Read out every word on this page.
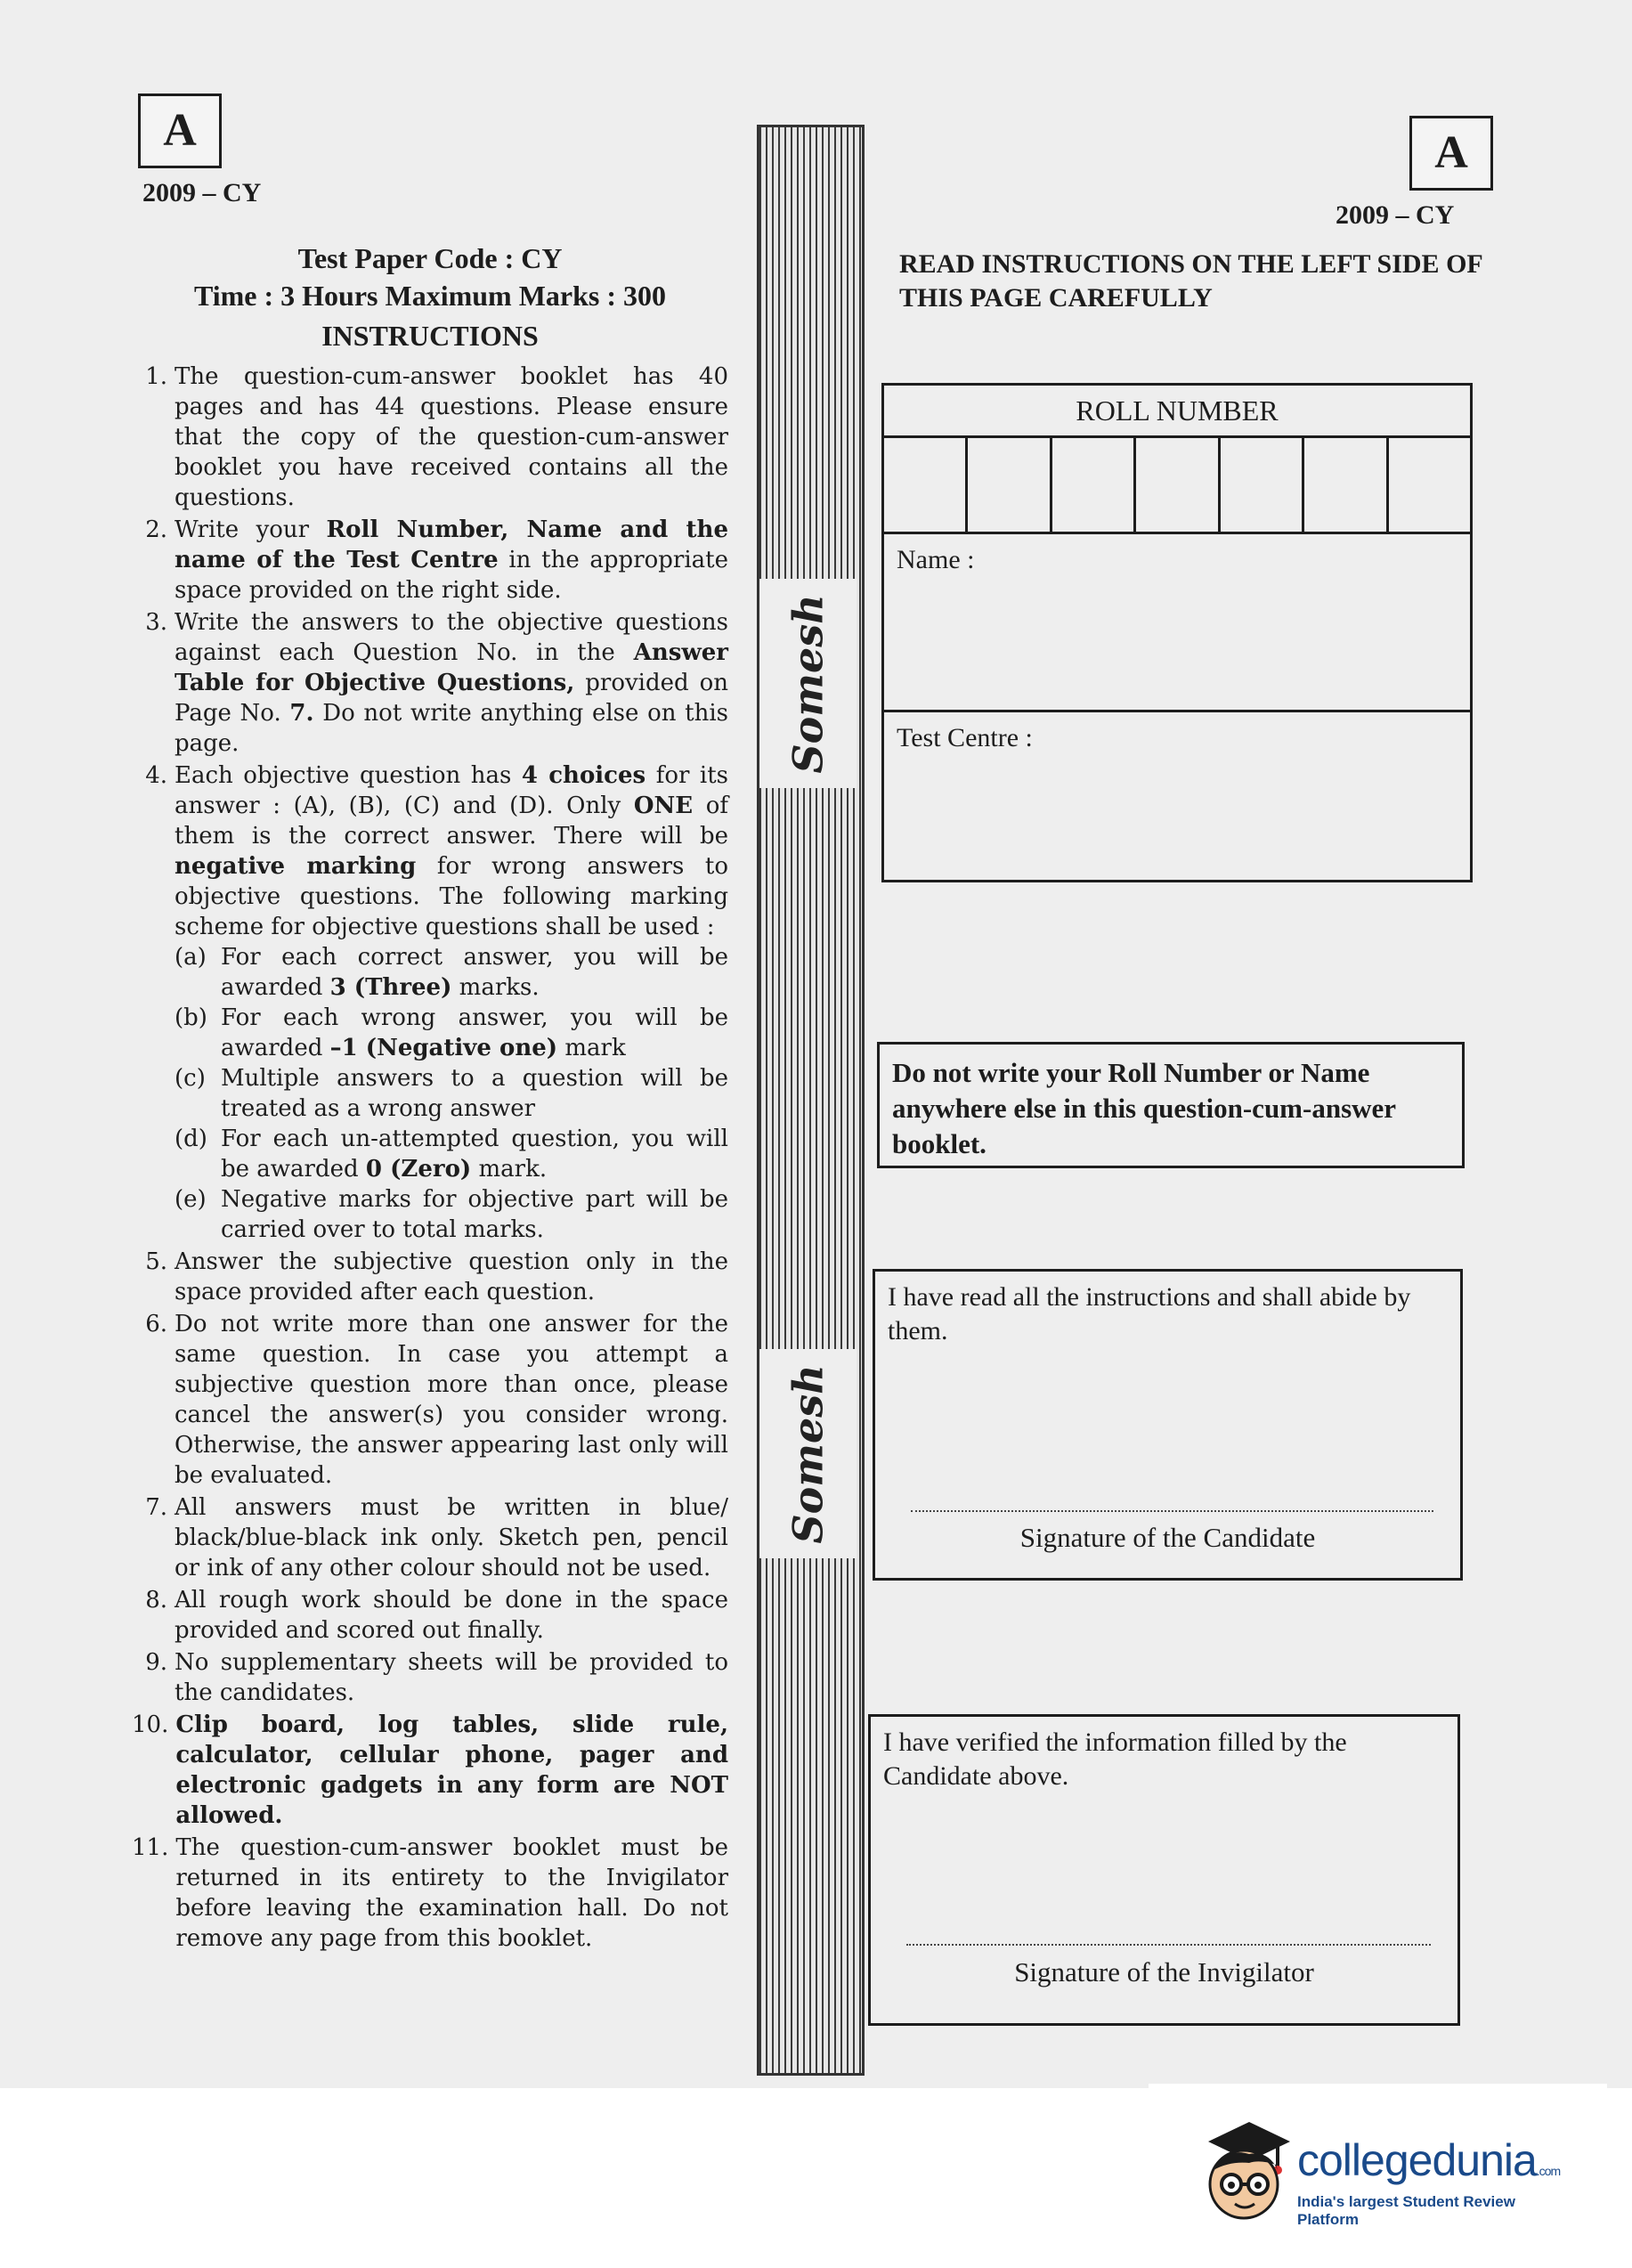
A
2009 – CY
A
2009 – CY
Test Paper Code : CY
Time : 3 Hours Maximum Marks : 300
INSTRUCTIONS
1. The question-cum-answer booklet has 40 pages and has 44 questions. Please ensure that the copy of the question-cum-answer booklet you have received contains all the questions.
2. Write your Roll Number, Name and the name of the Test Centre in the appropriate space provided on the right side.
3. Write the answers to the objective questions against each Question No. in the Answer Table for Objective Questions, provided on Page No. 7. Do not write anything else on this page.
4. Each objective question has 4 choices for its answer : (A), (B), (C) and (D). Only ONE of them is the correct answer. There will be negative marking for wrong answers to objective questions. The following marking scheme for objective questions shall be used :
(a) For each correct answer, you will be awarded 3 (Three) marks.
(b) For each wrong answer, you will be awarded –1 (Negative one) mark
(c) Multiple answers to a question will be treated as a wrong answer
(d) For each un-attempted question, you will be awarded 0 (Zero) mark.
(e) Negative marks for objective part will be carried over to total marks.
5. Answer the subjective question only in the space provided after each question.
6. Do not write more than one answer for the same question. In case you attempt a subjective question more than once, please cancel the answer(s) you consider wrong. Otherwise, the answer appearing last only will be evaluated.
7. All answers must be written in blue/ black/blue-black ink only. Sketch pen, pencil or ink of any other colour should not be used.
8. All rough work should be done in the space provided and scored out finally.
9. No supplementary sheets will be provided to the candidates.
10. Clip board, log tables, slide rule, calculator, cellular phone, pager and electronic gadgets in any form are NOT allowed.
11. The question-cum-answer booklet must be returned in its entirety to the Invigilator before leaving the examination hall. Do not remove any page from this booklet.
Somesh
Somesh
READ INSTRUCTIONS ON THE LEFT SIDE OF THIS PAGE CAREFULLY
ROLL NUMBER
Name :
Test Centre :
Do not write your Roll Number or Name anywhere else in this question-cum-answer booklet.
I have read all the instructions and shall abide by them.
Signature of the Candidate
I have verified the information filled by the Candidate above.
Signature of the Invigilator
collegedunia.com
India's largest Student Review Platform
